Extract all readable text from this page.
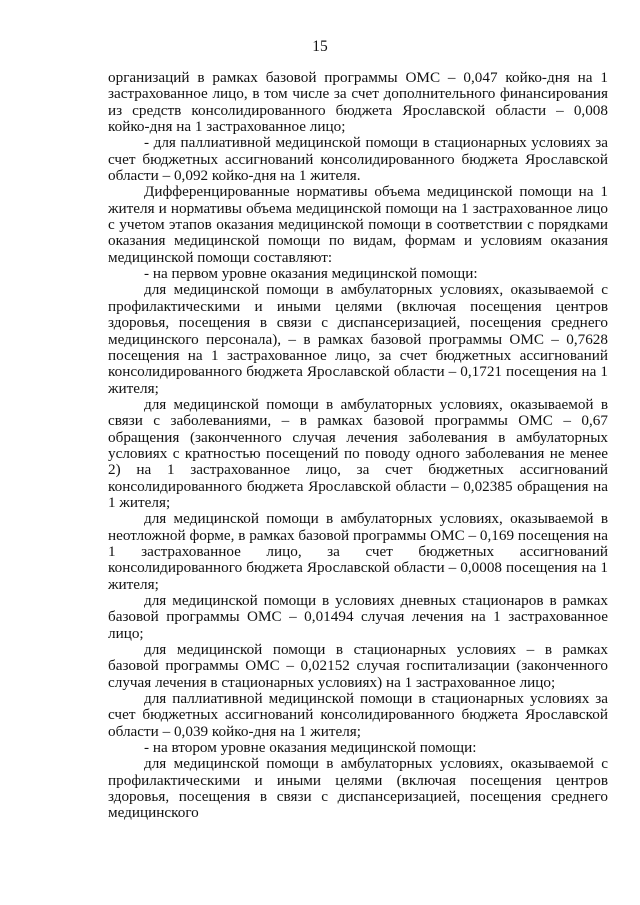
15

организаций в рамках базовой программы ОМС – 0,047 койко-дня на 1 застрахованное лицо, в том числе за счет дополнительного финансирования из средств консолидированного бюджета Ярославской области – 0,008 койко-дня на 1 застрахованное лицо;

- для паллиативной медицинской помощи в стационарных условиях за счет бюджетных ассигнований консолидированного бюджета Ярославской области – 0,092 койко-дня на 1 жителя.

Дифференцированные нормативы объема медицинской помощи на 1 жителя и нормативы объема медицинской помощи на 1 застрахованное лицо с учетом этапов оказания медицинской помощи в соответствии с порядками оказания медицинской помощи по видам, формам и условиям оказания медицинской помощи составляют:

- на первом уровне оказания медицинской помощи:

для медицинской помощи в амбулаторных условиях, оказываемой с профилактическими и иными целями (включая посещения центров здоровья, посещения в связи с диспансеризацией, посещения среднего медицинского персонала), – в рамках базовой программы ОМС – 0,7628 посещения на 1 застрахованное лицо, за счет бюджетных ассигнований консолидированного бюджета Ярославской области – 0,1721 посещения на 1 жителя;

для медицинской помощи в амбулаторных условиях, оказываемой в связи с заболеваниями, – в рамках базовой программы ОМС – 0,67 обращения (законченного случая лечения заболевания в амбулаторных условиях с кратностью посещений по поводу одного заболевания не менее 2) на 1 застрахованное лицо, за счет бюджетных ассигнований консолидированного бюджета Ярославской области – 0,02385 обращения на 1 жителя;

для медицинской помощи в амбулаторных условиях, оказываемой в неотложной форме, в рамках базовой программы ОМС – 0,169 посещения на 1 застрахованное лицо, за счет бюджетных ассигнований консолидированного бюджета Ярославской области – 0,0008 посещения на 1 жителя;

для медицинской помощи в условиях дневных стационаров в рамках базовой программы ОМС – 0,01494 случая лечения на 1 застрахованное лицо;

для медицинской помощи в стационарных условиях – в рамках базовой программы ОМС – 0,02152 случая госпитализации (законченного случая лечения в стационарных условиях) на 1 застрахованное лицо;

для паллиативной медицинской помощи в стационарных условиях за счет бюджетных ассигнований консолидированного бюджета Ярославской области – 0,039 койко-дня на 1 жителя;

- на втором уровне оказания медицинской помощи:

для медицинской помощи в амбулаторных условиях, оказываемой с профилактическими и иными целями (включая посещения центров здоровья, посещения в связи с диспансеризацией, посещения среднего медицинского
